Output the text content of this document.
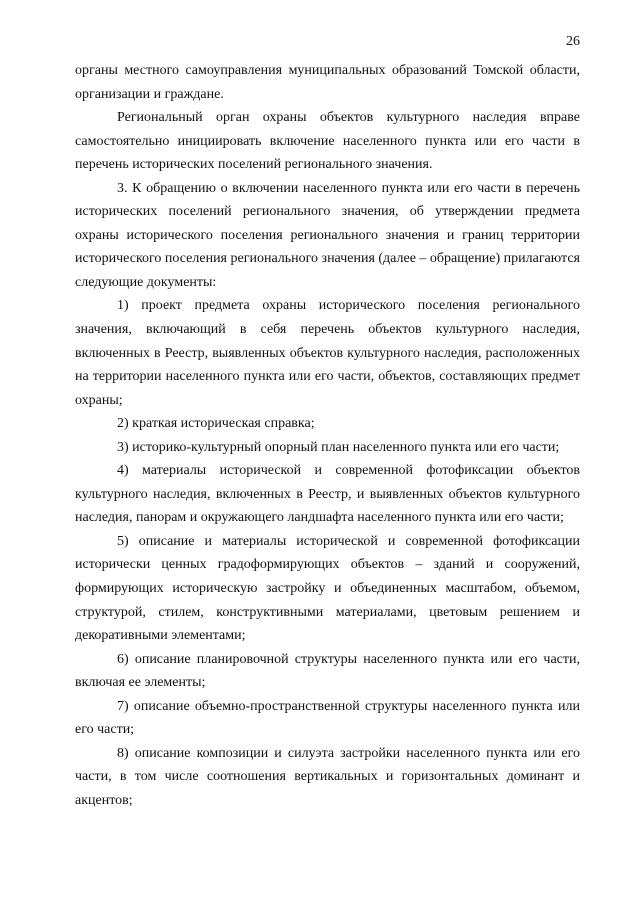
26

органы местного самоуправления муниципальных образований Томской области, организации и граждане.

Региональный орган охраны объектов культурного наследия вправе самостоятельно инициировать включение населенного пункта или его части в перечень исторических поселений регионального значения.

3. К обращению о включении населенного пункта или его части в перечень исторических поселений регионального значения, об утверждении предмета охраны исторического поселения регионального значения и границ территории исторического поселения регионального значения (далее – обращение) прилагаются следующие документы:

1) проект предмета охраны исторического поселения регионального значения, включающий в себя перечень объектов культурного наследия, включенных в Реестр, выявленных объектов культурного наследия, расположенных на территории населенного пункта или его части, объектов, составляющих предмет охраны;

2) краткая историческая справка;

3) историко-культурный опорный план населенного пункта или его части;

4) материалы исторической и современной фотофиксации объектов культурного наследия, включенных в Реестр, и выявленных объектов культурного наследия, панорам и окружающего ландшафта населенного пункта или его части;

5) описание и материалы исторической и современной фотофиксации исторически ценных градоформирующих объектов – зданий и сооружений, формирующих историческую застройку и объединенных масштабом, объемом, структурой, стилем, конструктивными материалами, цветовым решением и декоративными элементами;

6) описание планировочной структуры населенного пункта или его части, включая ее элементы;

7) описание объемно-пространственной структуры населенного пункта или его части;

8) описание композиции и силуэта застройки населенного пункта или его части, в том числе соотношения вертикальных и горизонтальных доминант и акцентов;
